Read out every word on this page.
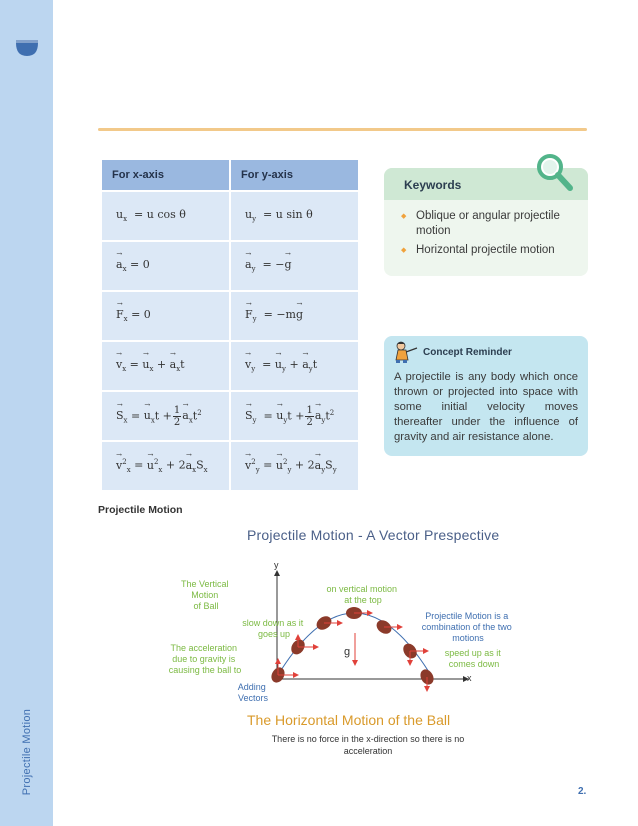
Projectile Motion
For x-axis	For y-axis
$u_x = u$ cos θ	$u_y = u$ sin θ
→ $a_x = 0$	→ $a_y$  = −→ g
→ $F_x = 0$	→ $F_y = -m\to g$
→ $v_x$ = → $u_x$ + → $a_xt$	→ $v_y$  = → $u_y$ + → $a_yt$
→ $S_x$ = → $u_xt + \frac{1}{2} \to a_xt^2$	→ $S_y$  = → $u_yt + \frac{1}{2} \to a_yt^2$
→ $v^2_x$ = → $u^2_x + 2\to a_xS_x$	→ $v^2_y$ = → $u^2_y + 2\to a_yS_y$
Keywords
◆ Oblique or angular projectile motion
◆ Horizontal projectile motion
Concept Reminder
A projectile is any body which once thrown or projected into space with some initial velocity moves thereafter under the influence of gravity and air resistance alone.
Projectile Motion
Projectile Motion - A Vector Prespective
y
x
g
The Vertical Motion of Ball
slow down as it goes up
The acceleration due to gravity is causing the ball to
Adding Vectors
on vertical motion at the top
Projectile Motion is a combination of the two motions
speed up as it comes down
The Horizontal Motion of the Ball
There is no force in the x-direction so there is no acceleration
2.
